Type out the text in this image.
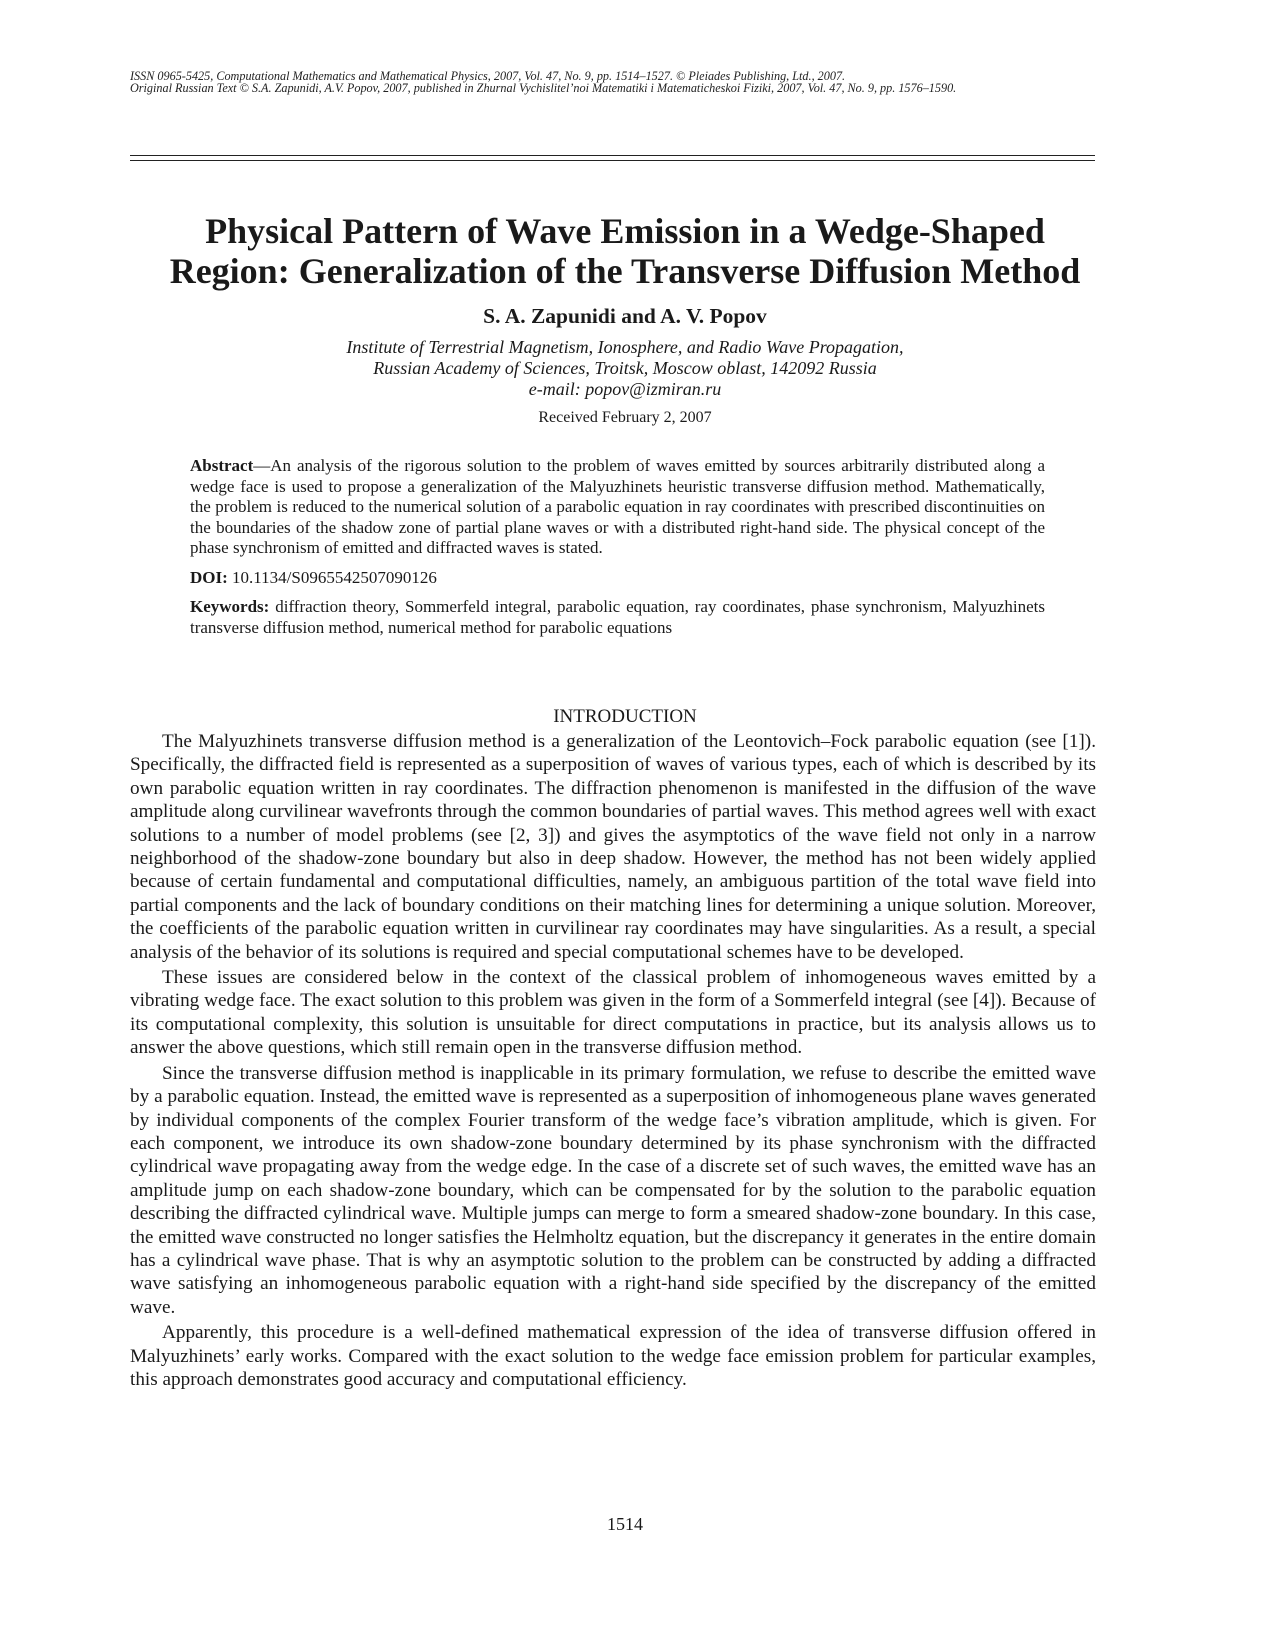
ISSN 0965-5425, Computational Mathematics and Mathematical Physics, 2007, Vol. 47, No. 9, pp. 1514–1527. © Pleiades Publishing, Ltd., 2007.
Original Russian Text © S.A. Zapunidi, A.V. Popov, 2007, published in Zhurnal Vychislitel’noi Matematiki i Matematicheskoi Fiziki, 2007, Vol. 47, No. 9, pp. 1576–1590.
Physical Pattern of Wave Emission in a Wedge-Shaped
Region: Generalization of the Transverse Diffusion Method
S. A. Zapunidi and A. V. Popov
Institute of Terrestrial Magnetism, Ionosphere, and Radio Wave Propagation,
Russian Academy of Sciences, Troitsk, Moscow oblast, 142092 Russia
e-mail: popov@izmiran.ru
Received February 2, 2007

Abstract—An analysis of the rigorous solution to the problem of waves emitted by sources arbitrarily distributed along a wedge face is used to propose a generalization of the Malyuzhinets heuristic transverse diffusion method. Mathematically, the problem is reduced to the numerical solution of a parabolic equation in ray coordinates with prescribed discontinuities on the boundaries of the shadow zone of partial plane waves or with a distributed right-hand side. The physical concept of the phase synchronism of emitted and diffracted waves is stated.

DOI: 10.1134/S0965542507090126

Keywords: diffraction theory, Sommerfeld integral, parabolic equation, ray coordinates, phase synchronism, Malyuzhinets transverse diffusion method, numerical method for parabolic equations

INTRODUCTION

The Malyuzhinets transverse diffusion method is a generalization of the Leontovich–Fock parabolic equation (see [1]). Specifically, the diffracted field is represented as a superposition of waves of various types, each of which is described by its own parabolic equation written in ray coordinates. The diffraction phenomenon is manifested in the diffusion of the wave amplitude along curvilinear wavefronts through the common boundaries of partial waves. This method agrees well with exact solutions to a number of model problems (see [2, 3]) and gives the asymptotics of the wave field not only in a narrow neighborhood of the shadow-zone boundary but also in deep shadow. However, the method has not been widely applied because of certain fundamental and computational difficulties, namely, an ambiguous partition of the total wave field into partial components and the lack of boundary conditions on their matching lines for determining a unique solution. Moreover, the coefficients of the parabolic equation written in curvilinear ray coordinates may have singularities. As a result, a special analysis of the behavior of its solutions is required and special computational schemes have to be developed.

These issues are considered below in the context of the classical problem of inhomogeneous waves emitted by a vibrating wedge face. The exact solution to this problem was given in the form of a Sommerfeld integral (see [4]). Because of its computational complexity, this solution is unsuitable for direct computations in practice, but its analysis allows us to answer the above questions, which still remain open in the transverse diffusion method.

Since the transverse diffusion method is inapplicable in its primary formulation, we refuse to describe the emitted wave by a parabolic equation. Instead, the emitted wave is represented as a superposition of inhomogeneous plane waves generated by individual components of the complex Fourier transform of the wedge face’s vibration amplitude, which is given. For each component, we introduce its own shadow-zone boundary determined by its phase synchronism with the diffracted cylindrical wave propagating away from the wedge edge. In the case of a discrete set of such waves, the emitted wave has an amplitude jump on each shadow-zone boundary, which can be compensated for by the solution to the parabolic equation describing the diffracted cylindrical wave. Multiple jumps can merge to form a smeared shadow-zone boundary. In this case, the emitted wave constructed no longer satisfies the Helmholtz equation, but the discrepancy it generates in the entire domain has a cylindrical wave phase. That is why an asymptotic solution to the problem can be constructed by adding a diffracted wave satisfying an inhomogeneous parabolic equation with a right-hand side specified by the discrepancy of the emitted wave.

Apparently, this procedure is a well-defined mathematical expression of the idea of transverse diffusion offered in Malyuzhinets’ early works. Compared with the exact solution to the wedge face emission problem for particular examples, this approach demonstrates good accuracy and computational efficiency.

1514
